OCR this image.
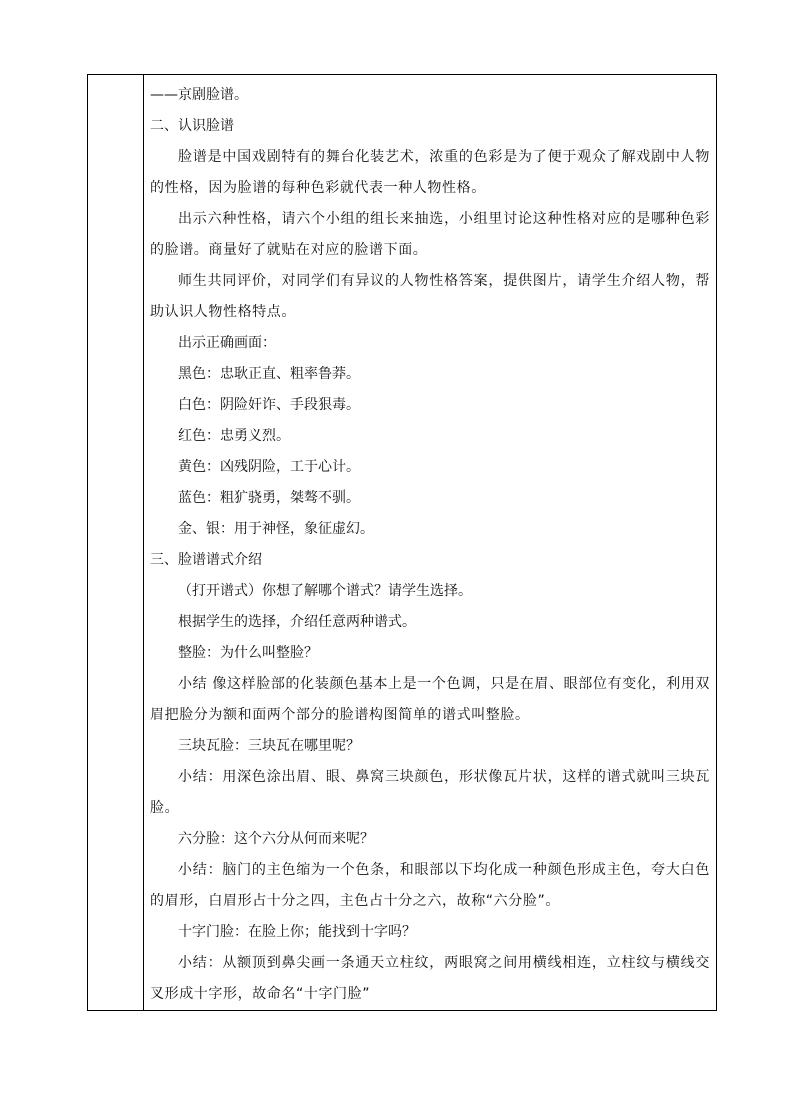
——京剧脸谱。
二、认识脸谱
脸谱是中国戏剧特有的舞台化装艺术，浓重的色彩是为了便于观众了解戏剧中人物的性格，因为脸谱的每种色彩就代表一种人物性格。
出示六种性格，请六个小组的组长来抽选，小组里讨论这种性格对应的是哪种色彩的脸谱。商量好了就贴在对应的脸谱下面。
师生共同评价，对同学们有异议的人物性格答案，提供图片，请学生介绍人物，帮助认识人物性格特点。
出示正确画面：
黑色：忠耿正直、粗率鲁莽。
白色：阴险奸诈、手段狠毒。
红色：忠勇义烈。
黄色：凶残阴险，工于心计。
蓝色：粗犷骁勇，桀骜不驯。
金、银：用于神怪，象征虚幻。
三、脸谱谱式介绍
（打开谱式）你想了解哪个谱式？请学生选择。
根据学生的选择，介绍任意两种谱式。
整脸：为什么叫整脸？
小结 像这样脸部的化装颜色基本上是一个色调，只是在眉、眼部位有变化，利用双眉把脸分为额和面两个部分的脸谱构图简单的谱式叫整脸。
三块瓦脸：三块瓦在哪里呢？
小结：用深色涂出眉、眼、鼻窝三块颜色，形状像瓦片状，这样的谱式就叫三块瓦脸。
六分脸：这个六分从何而来呢？
小结：脑门的主色缩为一个色条，和眼部以下均化成一种颜色形成主色，夸大白色的眉形，白眉形占十分之四，主色占十分之六，故称“六分脸”。
十字门脸：在脸上你；能找到十字吗？
小结：从额顶到鼻尖画一条通天立柱纹，两眼窝之间用横线相连，立柱纹与横线交叉形成十字形，故命名“十字门脸”
